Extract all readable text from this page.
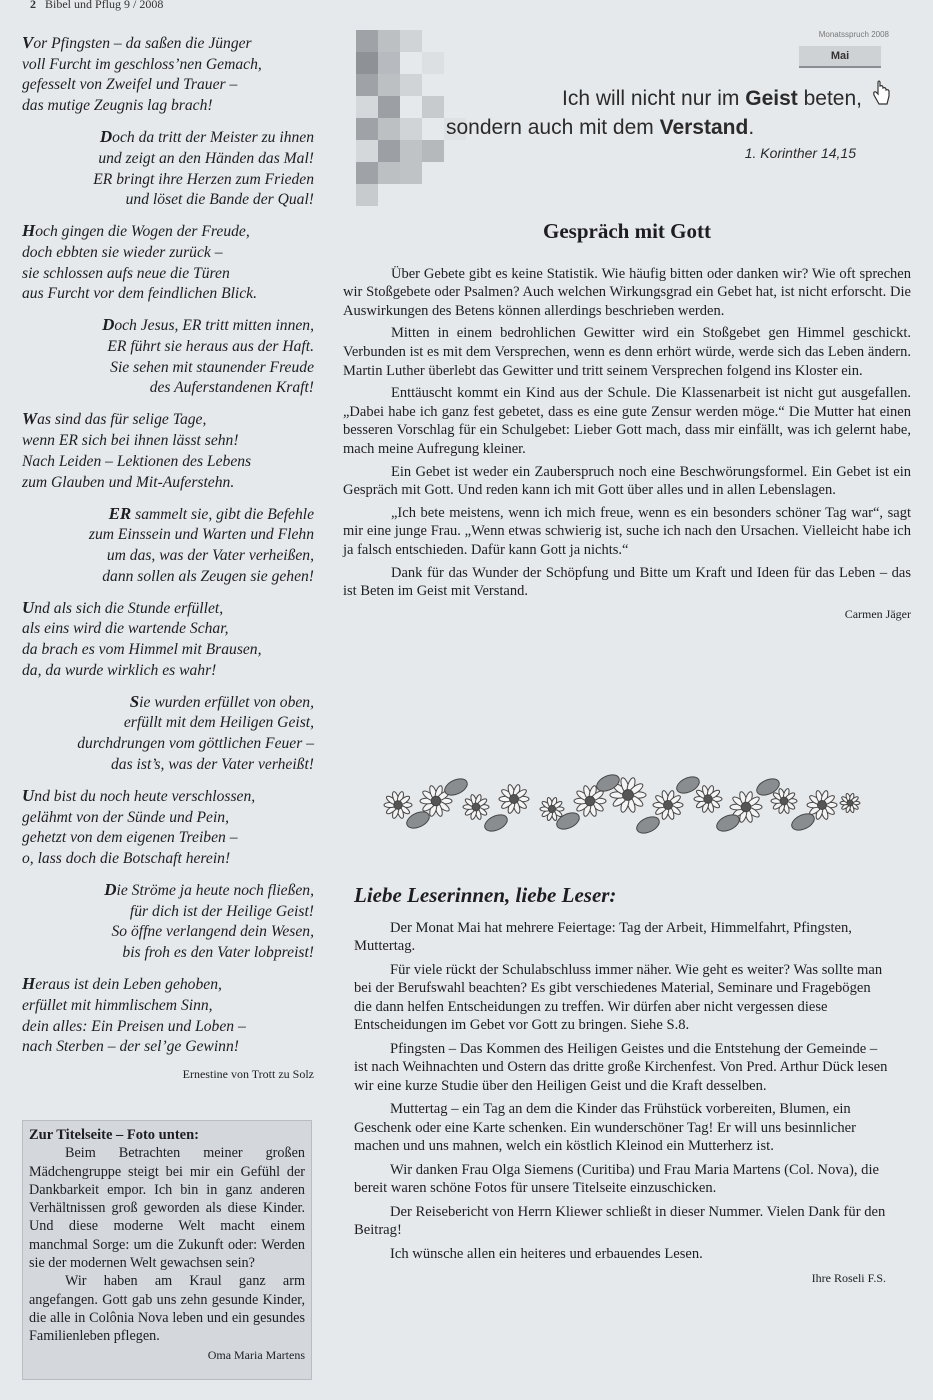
2 Bibel und Pflug 9 / 2008
Vor Pfingsten – da saßen die Jünger
voll Furcht im geschloss’nen Gemach,
gefesselt von Zweifel und Trauer –
das mutige Zeugnis lag brach!
Doch da tritt der Meister zu ihnen
und zeigt an den Händen das Mal!
ER bringt ihre Herzen zum Frieden
und löset die Bande der Qual!
Hoch gingen die Wogen der Freude,
doch ebbten sie wieder zurück –
sie schlossen aufs neue die Türen
aus Furcht vor dem feindlichen Blick.
Doch Jesus, ER tritt mitten innen,
ER führt sie heraus aus der Haft.
Sie sehen mit staunender Freude
des Auferstandenen Kraft!
Was sind das für selige Tage,
wenn ER sich bei ihnen lässt sehn!
Nach Leiden – Lektionen des Lebens
zum Glauben und Mit-Auferstehn.
ER sammelt sie, gibt die Befehle
zum Einssein und Warten und Flehn
um das, was der Vater verheißen,
dann sollen als Zeugen sie gehen!
Und als sich die Stunde erfüllet,
als eins wird die wartende Schar,
da brach es vom Himmel mit Brausen,
da, da wurde wirklich es wahr!
Sie wurden erfüllet von oben,
erfüllt mit dem Heiligen Geist,
durchdrungen vom göttlichen Feuer –
das ist’s, was der Vater verheißt!
Und bist du noch heute verschlossen,
gelähmt von der Sünde und Pein,
gehetzt von dem eigenen Treiben –
o, lass doch die Botschaft herein!
Die Ströme ja heute noch fließen,
für dich ist der Heilige Geist!
So öffne verlangend dein Wesen,
bis froh es den Vater lobpreist!
Heraus ist dein Leben gehoben,
erfüllet mit himmlischem Sinn,
dein alles: Ein Preisen und Loben –
nach Sterben – der sel’ge Gewinn!
Ernestine von Trott zu Solz
Zur Titelseite – Foto unten:

Beim Betrachten meiner großen Mädchengruppe steigt bei mir ein Gefühl der Dankbarkeit empor. Ich bin in ganz anderen Verhältnissen groß geworden als diese Kinder. Und diese moderne Welt macht einem manchmal Sorge: um die Zukunft oder: Werden sie der modernen Welt gewachsen sein?

Wir haben am Kraul ganz arm angefangen. Gott gab uns zehn gesunde Kinder, die alle in Colônia Nova leben und ein gesundes Familienleben pflegen.

Oma Maria Martens
Monatsspruch 2008
Mai
Ich will nicht nur im Geist beten,
sondern auch mit dem Verstand.
1. Korinther 14,15
Gespräch mit Gott

Über Gebete gibt es keine Statistik. Wie häufig bitten oder danken wir? Wie oft sprechen wir Stoßgebete oder Psalmen? Auch welchen Wirkungsgrad ein Gebet hat, ist nicht erforscht. Die Auswirkungen des Betens können allerdings beschrieben werden.

Mitten in einem bedrohlichen Gewitter wird ein Stoßgebet gen Himmel geschickt. Verbunden ist es mit dem Versprechen, wenn es denn erhört würde, werde sich das Leben ändern. Martin Luther überlebt das Gewitter und tritt seinem Versprechen folgend ins Kloster ein.

Enttäuscht kommt ein Kind aus der Schule. Die Klassenarbeit ist nicht gut ausgefallen. „Dabei habe ich ganz fest gebetet, dass es eine gute Zensur werden möge.“ Die Mutter hat einen besseren Vorschlag für ein Schulgebet: Lieber Gott mach, dass mir einfällt, was ich gelernt habe, mach meine Aufregung kleiner.

Ein Gebet ist weder ein Zauberspruch noch eine Beschwörungsformel. Ein Gebet ist ein Gespräch mit Gott. Und reden kann ich mit Gott über alles und in allen Lebenslagen.

„Ich bete meistens, wenn ich mich freue, wenn es ein besonders schöner Tag war“, sagt mir eine junge Frau. „Wenn etwas schwierig ist, suche ich nach den Ursachen. Vielleicht habe ich ja falsch entschieden. Dafür kann Gott ja nichts.“

Dank für das Wunder der Schöpfung und Bitte um Kraft und Ideen für das Leben – das ist Beten im Geist mit Verstand.

Carmen Jäger
Liebe Leserinnen, liebe Leser:

Der Monat Mai hat mehrere Feiertage: Tag der Arbeit, Himmelfahrt, Pfingsten, Muttertag.

Für viele rückt der Schulabschluss immer näher. Wie geht es weiter? Was sollte man bei der Berufswahl beachten? Es gibt verschiedenes Material, Seminare und Fragebögen die dann helfen Entscheidungen zu treffen. Wir dürfen aber nicht vergessen diese Entscheidungen im Gebet vor Gott zu bringen. Siehe S.8.

Pfingsten – Das Kommen des Heiligen Geistes und die Entstehung der Gemeinde – ist nach Weihnachten und Ostern das dritte große Kirchenfest. Von Pred. Arthur Dück lesen wir eine kurze Studie über den Heiligen Geist und die Kraft desselben.

Muttertag – ein Tag an dem die Kinder das Frühstück vorbereiten, Blumen, ein Geschenk oder eine Karte schenken. Ein wunderschöner Tag! Er will uns besinnlicher machen und uns mahnen, welch ein köstlich Kleinod ein Mutterherz ist.

Wir danken Frau Olga Siemens (Curitiba) und Frau Maria Martens (Col. Nova), die bereit waren schöne Fotos für unsere Titelseite einzuschicken.

Der Reisebericht von Herrn Kliewer schließt in dieser Nummer. Vielen Dank für den Beitrag!

Ich wünsche allen ein heiteres und erbauendes Lesen.

Ihre Roseli F.S.
